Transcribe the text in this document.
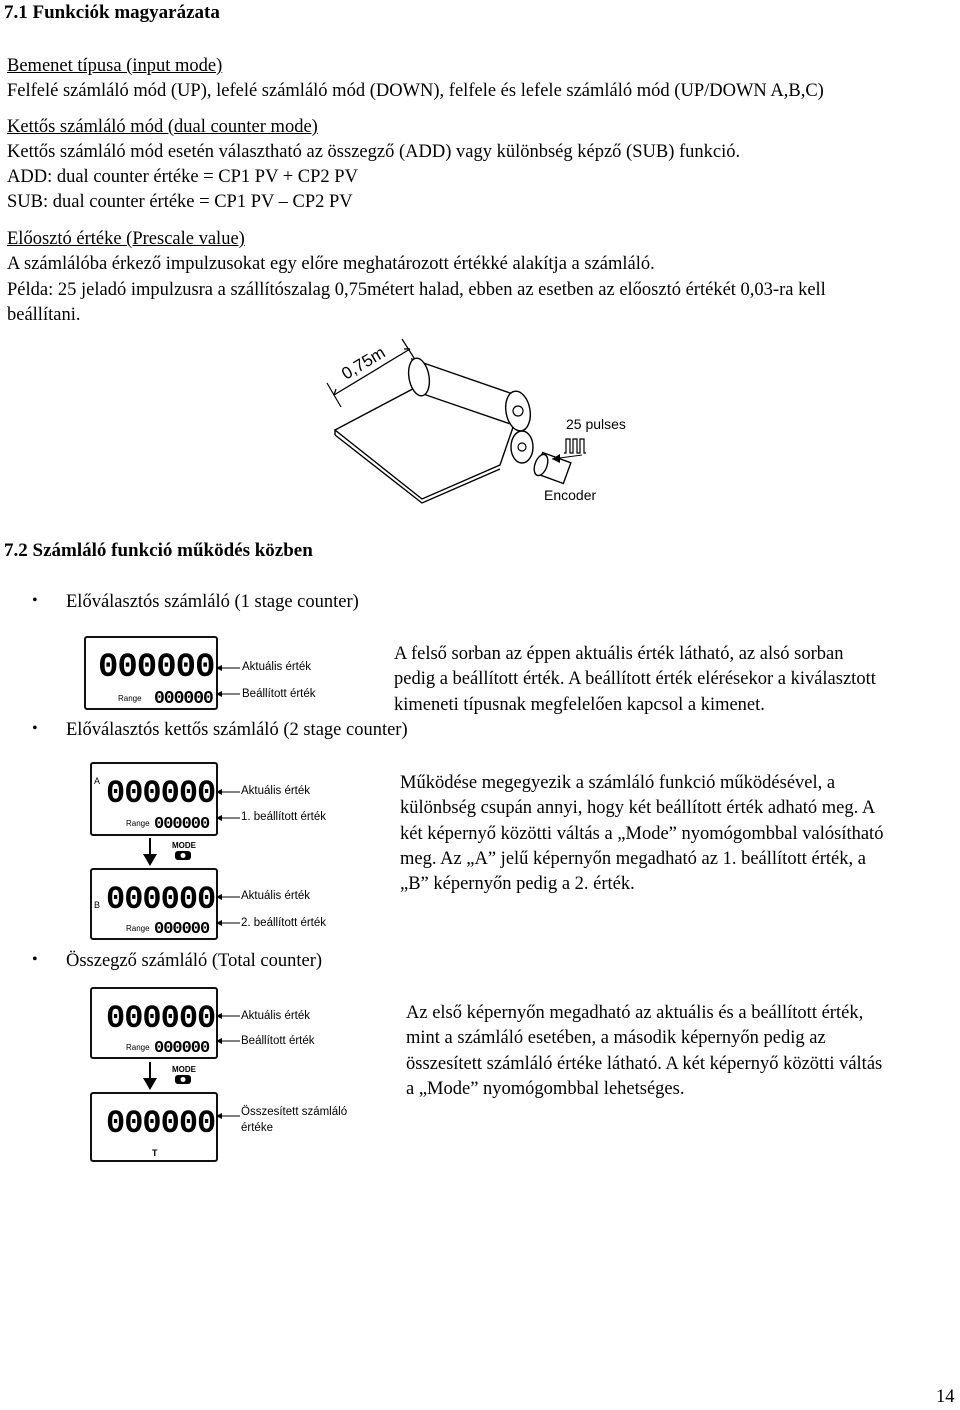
7.1 Funkciók magyarázata
Bemenet típusa (input mode)
Felfelé számláló mód (UP), lefelé számláló mód (DOWN), felfele és lefele számláló mód (UP/DOWN A,B,C)
Kettős számláló mód (dual counter mode)
Kettős számláló mód esetén választható az összegző (ADD) vagy különbség képző (SUB) funkció.
ADD: dual counter értéke = CP1 PV + CP2 PV
SUB: dual counter értéke = CP1 PV – CP2 PV
Előosztó értéke (Prescale value)
A számlálóba érkező impulzusokat egy előre meghatározott értékké alakítja a számláló.
Példa: 25 jeladó impulzusra a szállítószalag 0,75métert halad, ebben az esetben az előosztó értékét 0,03-ra kell
beállítani.
0,75m
25 pulses
Encoder
7.2 Számláló funkció működés közben
• Előválasztós számláló (1 stage counter)
000000
000000
Range
Aktuális érték
Beállított érték
A felső sorban az éppen aktuális érték látható, az alsó sorban
pedig a beállított érték. A beállított érték elérésekor a kiválasztott
kimeneti típusnak megfelelően kapcsol a kimenet.
• Előválasztós kettős számláló (2 stage counter)
A 000000
000000
Range
Aktuális érték
1. beállított érték
MODE
B 000000
000000
Range
Aktuális érték
2. beállított érték
Működése megegyezik a számláló funkció működésével, a
különbség csupán annyi, hogy két beállított érték adható meg. A
két képernyő közötti váltás a „Mode” nyomógombbal valósítható
meg. Az „A” jelű képernyőn megadható az 1. beállított érték, a
„B” képernyőn pedig a 2. érték.
• Összegző számláló (Total counter)
000000
000000
Range
Aktuális érték
Beállított érték
MODE
000000
T
Összesített számláló
értéke
Az első képernyőn megadható az aktuális és a beállított érték,
mint a számláló esetében, a második képernyőn pedig az
összesített számláló értéke látható. A két képernyő közötti váltás
a „Mode” nyomógombbal lehetséges.
14
